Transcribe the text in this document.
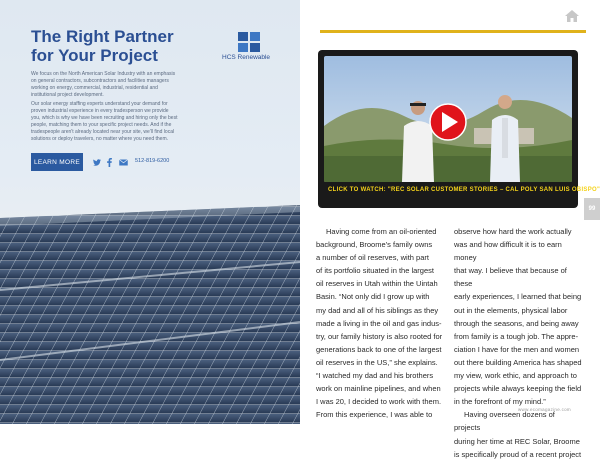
The Right Partner
for Your Project	HCS Renewable
We focus on the North American Solar Industry with an emphasis on general contractors, subcontractors and facilities managers working on energy, commercial, industrial, residential and institutional project development.
Our solar energy staffing experts understand your demand for proven industrial experience in every tradesperson we provide you, which is why we have been recruiting and hiring only the best people, matching them to your specific project needs. And if the tradespeople aren't already located near your site, we'll find local solutions or deploy travelers, no matter where you need them.
LEARN MORE	512-819-6200
CLICK TO WATCH: "REC SOLAR CUSTOMER STORIES – CAL POLY SAN LUIS OBISPO"
99

Having come from an oil-oriented

background, Broome’s family owns

a number of oil reserves, with part

of its portfolio situated in the largest

oil reserves in Utah within the Uintah

Basin. “Not only did I grow up with

my dad and all of his siblings as they

made a living in the oil and gas indus-

try, our family history is also rooted for

generations back to one of the largest

oil reserves in the US,” she explains.

“I watched my dad and his brothers

work on mainline pipelines, and when

I was 20, I decided to work with them.

From this experience, I was able to

observe how hard the work actually

was and how difficult it is to earn money

that way. I believe that because of these

early experiences, I learned that being

out in the elements, physical labor

through the seasons, and being away

from family is a tough job. The appre-

ciation I have for the men and women

out there building America has shaped

my view, work ethic, and approach to

projects while always keeping the field

in the forefront of my mind.”

Having overseen dozens of projects

during her time at REC Solar, Broome

is specifically proud of a recent project

www.ecomagazine.com
